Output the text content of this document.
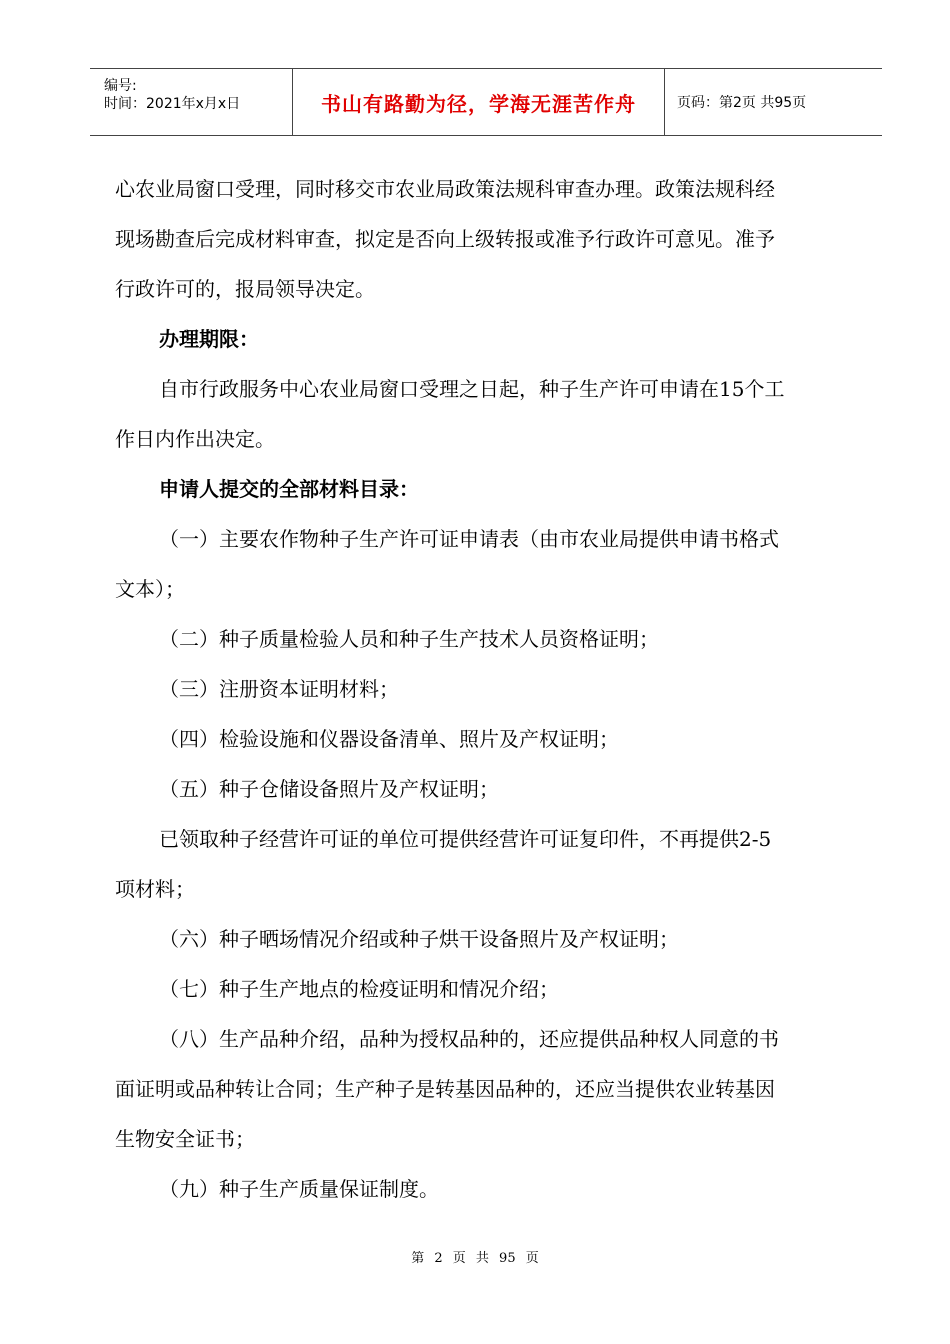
编号:
时间：2021年x月x日	书山有路勤为径，学海无涯苦作舟	页码：第2页 共95页

心农业局窗口受理，同时移交市农业局政策法规科审查办理。政策法规科经

现场勘查后完成材料审查，拟定是否向上级转报或准予行政许可意见。准予

行政许可的，报局领导决定。

办理期限：

自市行政服务中心农业局窗口受理之日起，种子生产许可申请在15个工

作日内作出决定。

申请人提交的全部材料目录：

（一）主要农作物种子生产许可证申请表（由市农业局提供申请书格式

文本）；

（二）种子质量检验人员和种子生产技术人员资格证明；

（三）注册资本证明材料；

（四）检验设施和仪器设备清单、照片及产权证明；

（五）种子仓储设备照片及产权证明；

已领取种子经营许可证的单位可提供经营许可证复印件，不再提供2-5

项材料；

（六）种子晒场情况介绍或种子烘干设备照片及产权证明；

（七）种子生产地点的检疫证明和情况介绍；

（八）生产品种介绍，品种为授权品种的，还应提供品种权人同意的书

面证明或品种转让合同；生产种子是转基因品种的，还应当提供农业转基因

生物安全证书；

（九）种子生产质量保证制度。

第 2 页 共 95 页
